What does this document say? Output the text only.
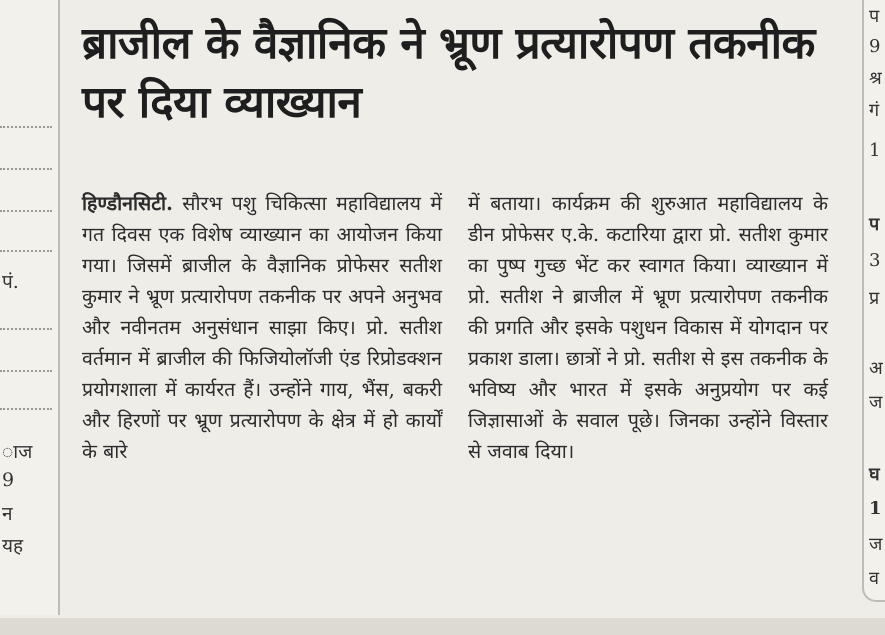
पं.
ाज
9
न
यह
ब्राजील के वैज्ञानिक ने भ्रूण प्रत्यारोपण तकनीक पर दिया व्याख्यान
हिण्डौनसिटी. सौरभ पशु चिकित्सा महाविद्यालय में गत दिवस एक विशेष व्याख्यान का आयोजन किया गया। जिसमें ब्राजील के वैज्ञानिक प्रोफेसर सतीश कुमार ने भ्रूण प्रत्यारोपण तकनीक पर अपने अनुभव और नवीनतम अनुसंधान साझा किए। प्रो. सतीश वर्तमान में ब्राजील की फिजियोलॉजी एंड रिप्रोडक्शन प्रयोगशाला में कार्यरत हैं। उन्होंने गाय, भैंस, बकरी और हिरणों पर भ्रूण प्रत्यारोपण के क्षेत्र में हो कार्यों के बारे
में बताया। कार्यक्रम की शुरुआत महाविद्यालय के डीन प्रोफेसर ए.के. कटारिया द्वारा प्रो. सतीश कुमार का पुष्प गुच्छ भेंट कर स्वागत किया। व्याख्यान में प्रो. सतीश ने ब्राजील में भ्रूण प्रत्यारोपण तकनीक की प्रगति और इसके पशुधन विकास में योगदान पर प्रकाश डाला। छात्रों ने प्रो. सतीश से इस तकनीक के भविष्य और भारत में इसके अनुप्रयोग पर कई जिज्ञासाओं के सवाल पूछे। जिनका उन्होंने विस्तार से जवाब दिया।
प
9
श्र
गं
1
प
3
प्र
अ
ज
घ
1
ज
व
